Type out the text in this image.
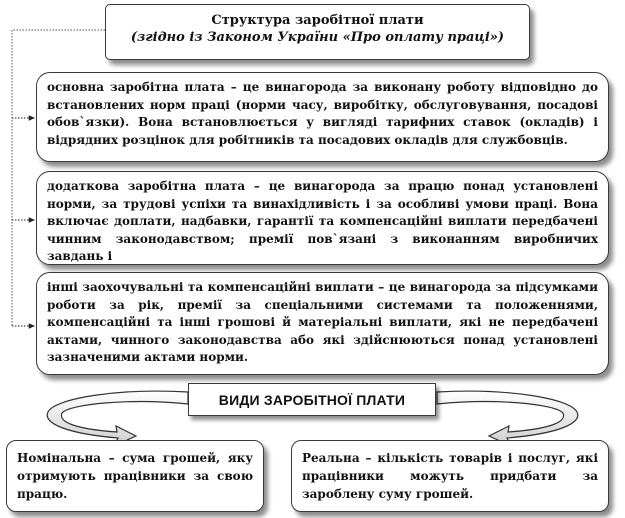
Структура заробітної плати
(згідно із Законом України «Про оплату праці»)
основна заробітна плата – це винагорода за виконану роботу відповідно до встановлених норм праці (норми часу, виробітку, обслуговування, посадові обов`язки). Вона встановлюється у вигляді тарифних ставок (окладів) і відрядних розцінок для робітників та посадових окладів для службовців.
додаткова заробітна плата – це винагорода за працю понад установлені норми, за трудові успіхи та винахідливість і за особливі умови праці. Вона включає доплати, надбавки, гарантії та компенсаційні виплати передбачені чинним законодавством; премії пов`язані з виконанням виробничих завдань і
інші заохочувальні та компенсаційні виплати – це винагорода за підсумками роботи за рік, премії за спеціальними системами та положеннями, компенсаційні та інші грошові й матеріальні виплати, які не передбачені актами, чинного законодавства або які здійснюються понад установлені зазначеними актами норми.
ВИДИ ЗАРОБІТНОЇ ПЛАТИ
Номінальна – сума грошей, яку отримують працівники за свою працю.
Реальна – кількість товарів і послуг, які працівники можуть придбати за зароблену суму грошей.
